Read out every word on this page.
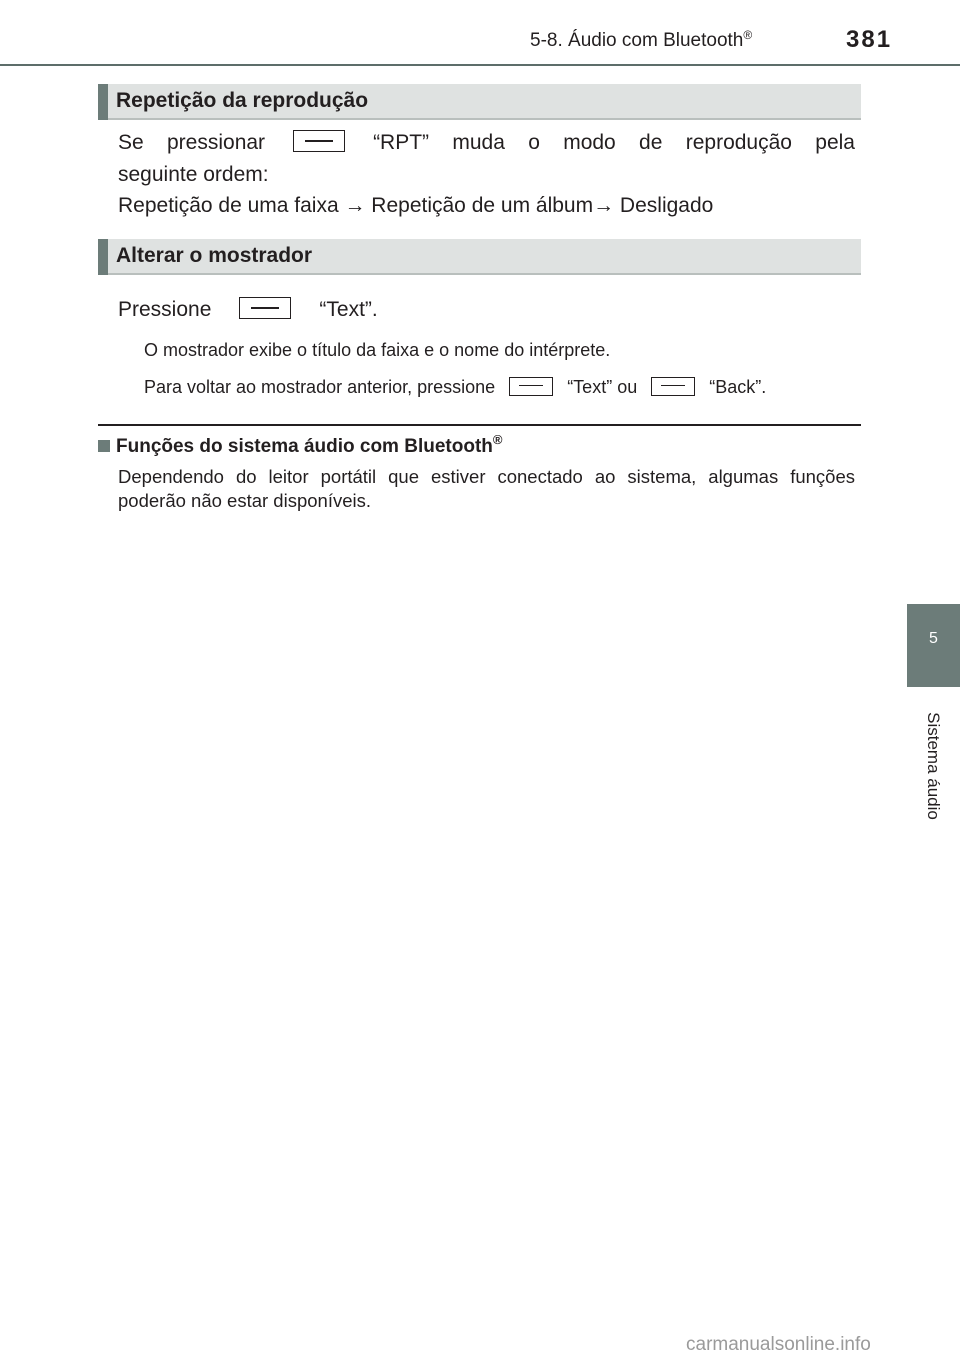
5-8. Áudio com Bluetooth®	381
Repetição da reprodução
Se pressionar	“RPT” muda o modo de reprodução pela
seguinte ordem:
Repetição de uma faixa → Repetição de um álbum→ Desligado
Alterar o mostrador
Pressione	“Text”.
O mostrador exibe o título da faixa e o nome do intérprete.
Para voltar ao mostrador anterior, pressione	“Text” ou	“Back”.
Funções do sistema áudio com Bluetooth®
Dependendo do leitor portátil que estiver conectado ao sistema, algumas funções poderão não estar disponíveis.
5
Sistema áudio
carmanualsonline.info
